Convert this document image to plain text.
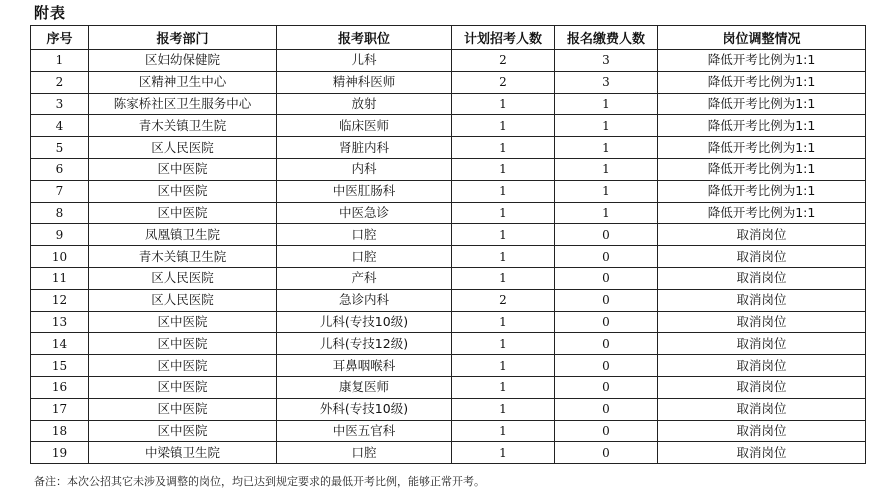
附表
序号	报考部门	报考职位	计划招考人数	报名缴费人数	岗位调整情况
1	区妇幼保健院	儿科	2	3	降低开考比例为1:1
2	区精神卫生中心	精神科医师	2	3	降低开考比例为1:1
3	陈家桥社区卫生服务中心	放射	1	1	降低开考比例为1:1
4	青木关镇卫生院	临床医师	1	1	降低开考比例为1:1
5	区人民医院	肾脏内科	1	1	降低开考比例为1:1
6	区中医院	内科	1	1	降低开考比例为1:1
7	区中医院	中医肛肠科	1	1	降低开考比例为1:1
8	区中医院	中医急诊	1	1	降低开考比例为1:1
9	凤凰镇卫生院	口腔	1	0	取消岗位
10	青木关镇卫生院	口腔	1	0	取消岗位
11	区人民医院	产科	1	0	取消岗位
12	区人民医院	急诊内科	2	0	取消岗位
13	区中医院	儿科(专技10级)	1	0	取消岗位
14	区中医院	儿科(专技12级)	1	0	取消岗位
15	区中医院	耳鼻咽喉科	1	0	取消岗位
16	区中医院	康复医师	1	0	取消岗位
17	区中医院	外科(专技10级)	1	0	取消岗位
18	区中医院	中医五官科	1	0	取消岗位
19	中梁镇卫生院	口腔	1	0	取消岗位
备注：本次公招其它未涉及调整的岗位，均已达到规定要求的最低开考比例，能够正常开考。
